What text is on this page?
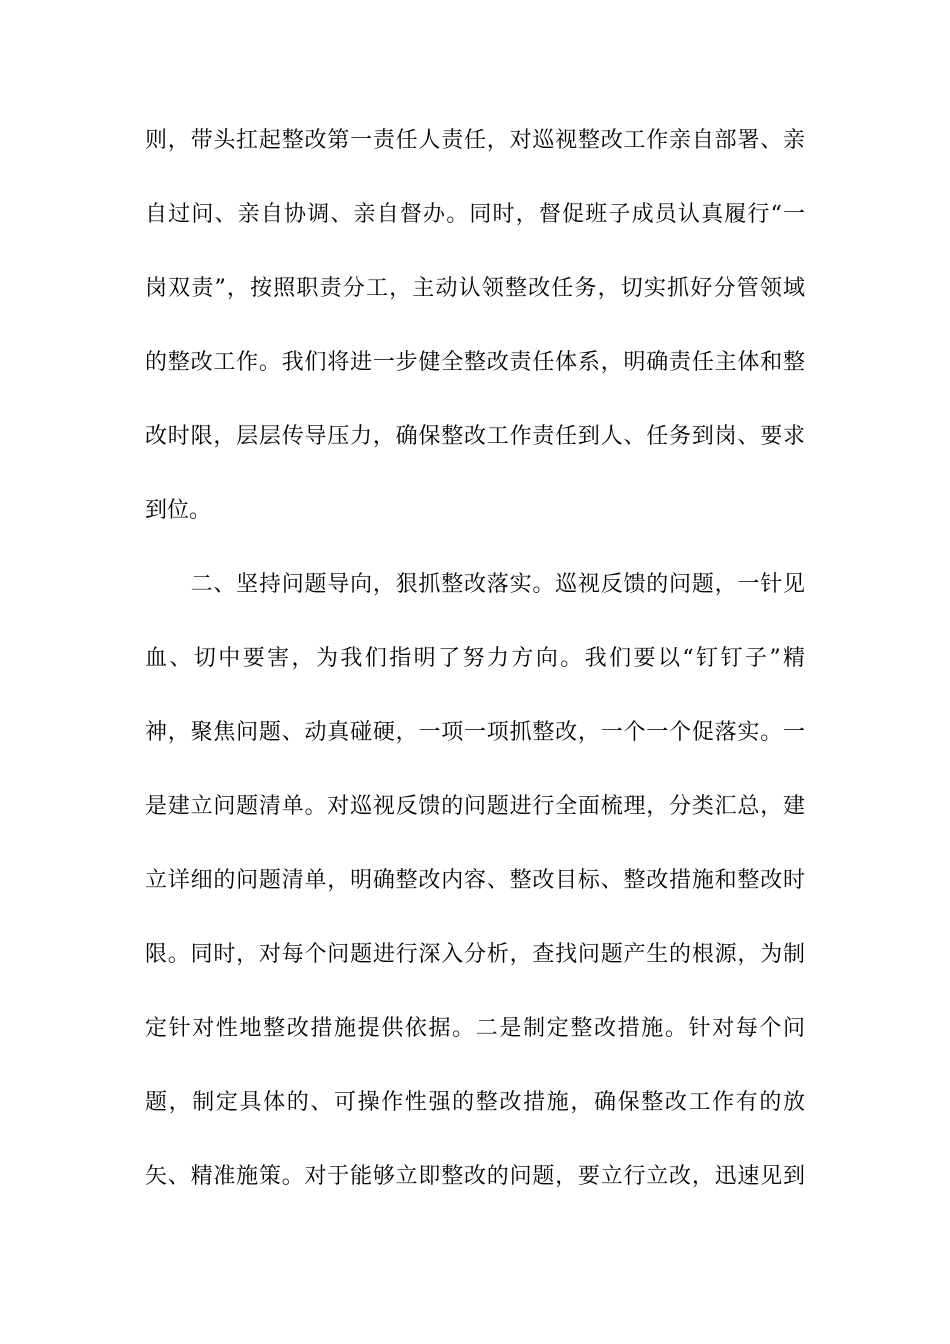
则，带头扛起整改第一责任人责任，对巡视整改工作亲自部署、亲
自过问、亲自协调、亲自督办。同时，督促班子成员认真履行“一
岗双责”，按照职责分工，主动认领整改任务，切实抓好分管领域
的整改工作。我们将进一步健全整改责任体系，明确责任主体和整
改时限，层层传导压力，确保整改工作责任到人、任务到岗、要求
到位。
　　二、坚持问题导向，狠抓整改落实。巡视反馈的问题，一针见
血、切中要害，为我们指明了努力方向。我们要以“钉钉子”精
神，聚焦问题、动真碰硬，一项一项抓整改，一个一个促落实。一
是建立问题清单。对巡视反馈的问题进行全面梳理，分类汇总，建
立详细的问题清单，明确整改内容、整改目标、整改措施和整改时
限。同时，对每个问题进行深入分析，查找问题产生的根源，为制
定针对性地整改措施提供依据。二是制定整改措施。针对每个问
题，制定具体的、可操作性强的整改措施，确保整改工作有的放
矢、精准施策。对于能够立即整改的问题，要立行立改，迅速见到
